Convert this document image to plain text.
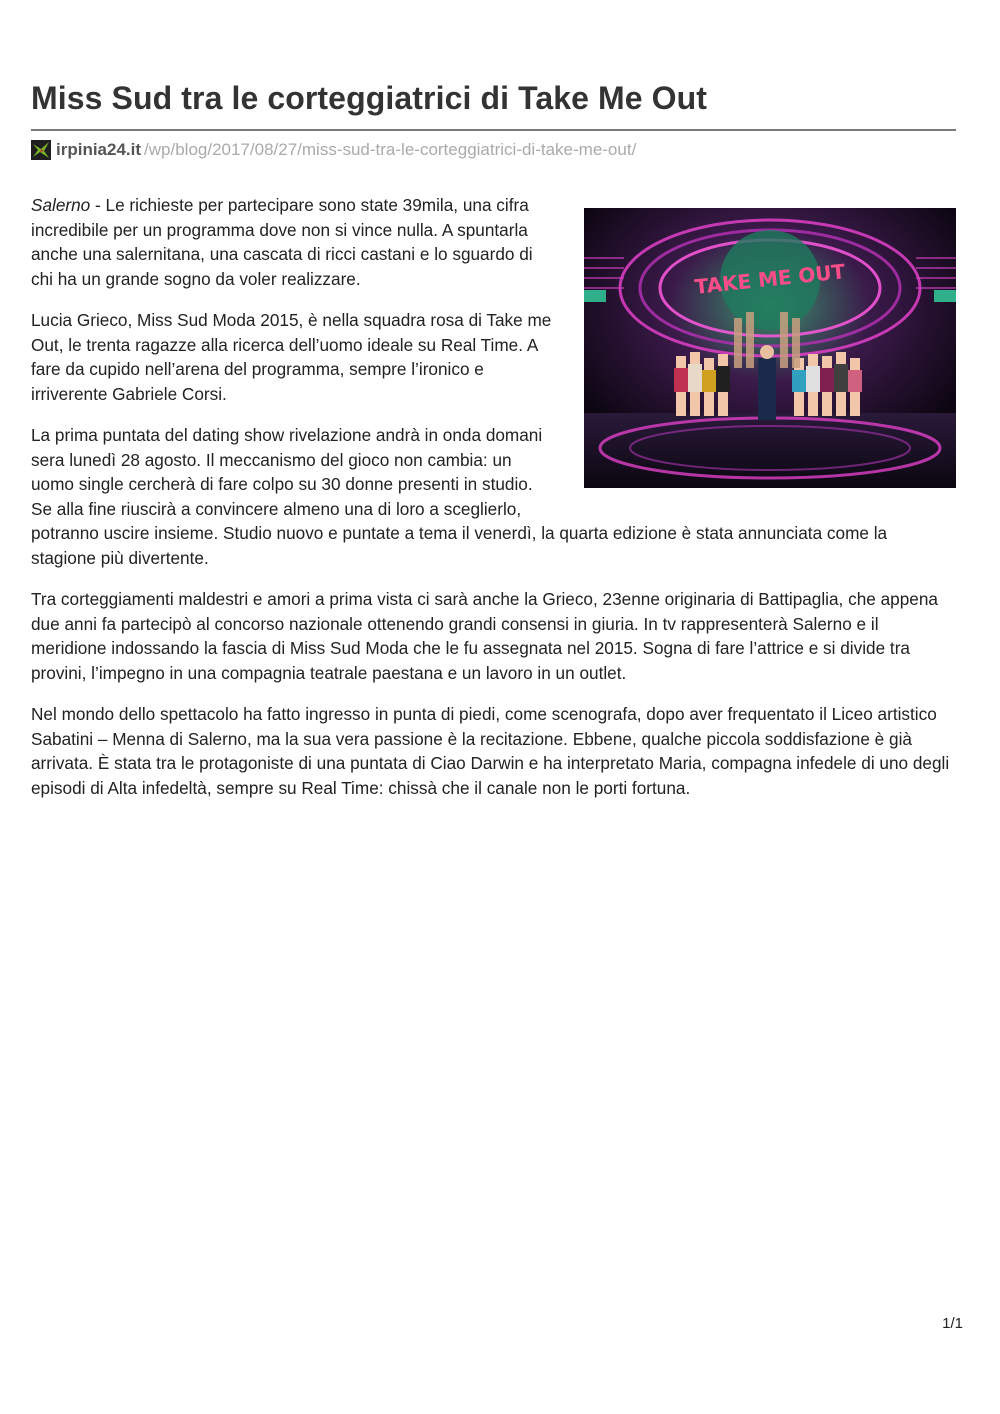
Miss Sud tra le corteggiatrici di Take Me Out
irpinia24.it /wp/blog/2017/08/27/miss-sud-tra-le-corteggiatrici-di-take-me-out/
TAKE ME OUT

Salerno - Le richieste per partecipare sono state 39mila, una cifra incredibile per un programma dove non si vince nulla. A spuntarla anche una salernitana, una cascata di ricci castani e lo sguardo di chi ha un grande sogno da voler realizzare.

Lucia Grieco, Miss Sud Moda 2015, è nella squadra rosa di Take me Out, le trenta ragazze alla ricerca dell’uomo ideale su Real Time. A fare da cupido nell’arena del programma, sempre l’ironico e irriverente Gabriele Corsi.

La prima puntata del dating show rivelazione andrà in onda domani sera lunedì 28 agosto. Il meccanismo del gioco non cambia: un uomo single cercherà di fare colpo su 30 donne presenti in studio. Se alla fine riuscirà a convincere almeno una di loro a sceglierlo, potranno uscire insieme. Studio nuovo e puntate a tema il venerdì, la quarta edizione è stata annunciata come la stagione più divertente.

Tra corteggiamenti maldestri e amori a prima vista ci sarà anche la Grieco, 23enne originaria di Battipaglia, che appena due anni fa partecipò al concorso nazionale ottenendo grandi consensi in giuria. In tv rappresenterà Salerno e il meridione indossando la fascia di Miss Sud Moda che le fu assegnata nel 2015. Sogna di fare l’attrice e si divide tra provini, l’impegno in una compagnia teatrale paestana e un lavoro in un outlet.

Nel mondo dello spettacolo ha fatto ingresso in punta di piedi, come scenografa, dopo aver frequentato il Liceo artistico Sabatini – Menna di Salerno, ma la sua vera passione è la recitazione. Ebbene, qualche piccola soddisfazione è già arrivata. È stata tra le protagoniste di una puntata di Ciao Darwin e ha interpretato Maria, compagna infedele di uno degli episodi di Alta infedeltà, sempre su Real Time: chissà che il canale non le porti fortuna.

1/1
